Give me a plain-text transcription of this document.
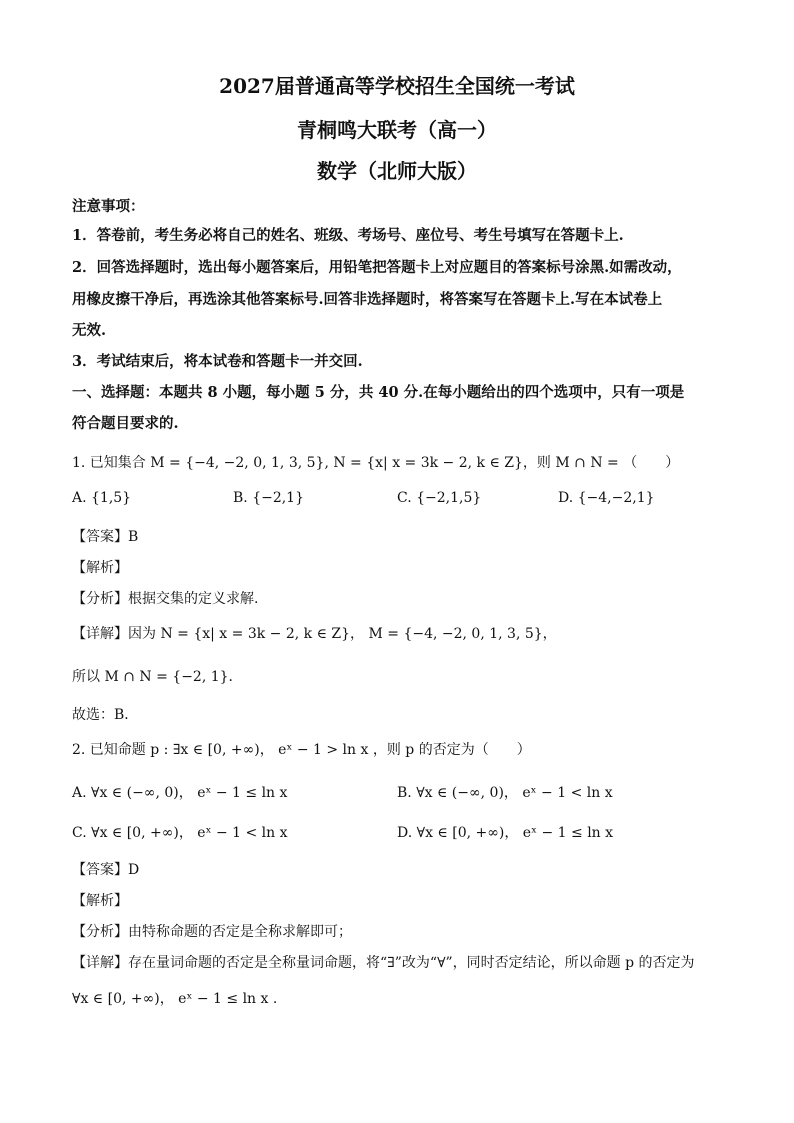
2027届普通高等学校招生全国统一考试
青桐鸣大联考（高一）
数学（北师大版）
注意事项：
1．答卷前，考生务必将自己的姓名、班级、考场号、座位号、考生号填写在答题卡上.
2．回答选择题时，选出每小题答案后，用铅笔把答题卡上对应题目的答案标号涂黑.如需改动，
用橡皮擦干净后，再选涂其他答案标号.回答非选择题时，将答案写在答题卡上.写在本试卷上
无效.
3．考试结束后，将本试卷和答题卡一并交回.
一、选择题：本题共 8 小题，每小题 5 分，共 40 分.在每小题给出的四个选项中，只有一项是
符合题目要求的.
1. 已知集合 M = {−4, −2, 0, 1, 3, 5}, N = {x| x = 3k − 2, k ∈ Z}，则 M ∩ N = （　　）
A. {1,5}	B. {−2,1}	C. {−2,1,5}	D. {−4,−2,1}
【答案】B
【解析】
【分析】根据交集的定义求解.
【详解】因为 N = {x| x = 3k − 2, k ∈ Z}， M = {−4, −2, 0, 1, 3, 5}，
所以 M ∩ N = {−2, 1}．
故选：B．
2. 已知命题 p : ∃x ∈ [0, +∞)， eˣ − 1 > ln x ，则 p 的否定为（　　）
A. ∀x ∈ (−∞, 0)， eˣ − 1 ≤ ln x	B. ∀x ∈ (−∞, 0)， eˣ − 1 < ln x
C. ∀x ∈ [0, +∞)， eˣ − 1 < ln x	D. ∀x ∈ [0, +∞)， eˣ − 1 ≤ ln x
【答案】D
【解析】
【分析】由特称命题的否定是全称求解即可；
【详解】存在量词命题的否定是全称量词命题，将“∃”改为“∀”，同时否定结论，所以命题 p 的否定为
∀x ∈ [0, +∞)， eˣ − 1 ≤ ln x .
